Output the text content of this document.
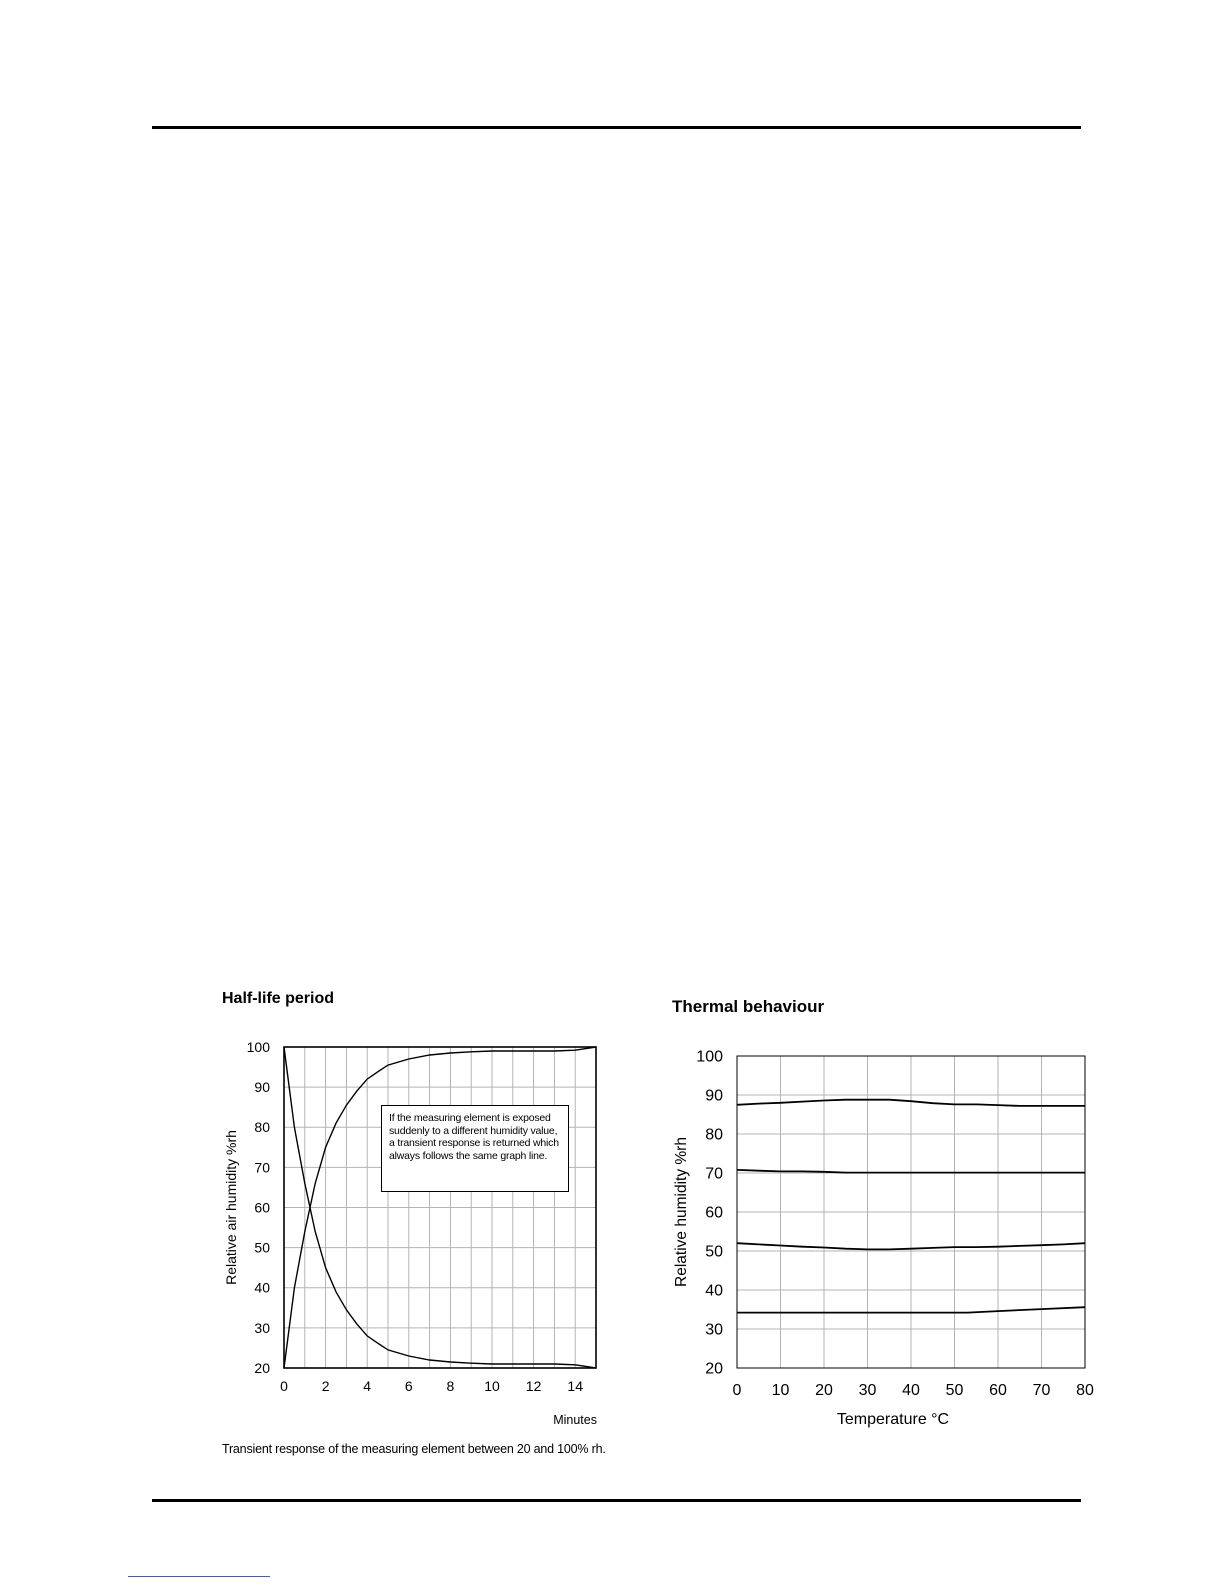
Half-life period	Thermal behaviour
20
30
40
50
60
70
80
90
100
0 2 4 6 8 10 12 14
Minutes
Relative air humidity %rh
20
30
40
50
60
70
80
90
100
0 10 20 30 40 50 60 70 80
Temperature °C
Relative humidity %rh
If the measuring element is exposed suddenly to a different humidity value, a transient response is returned which always follows the same graph line.
Transient response of the measuring element between 20 and 100% rh.
